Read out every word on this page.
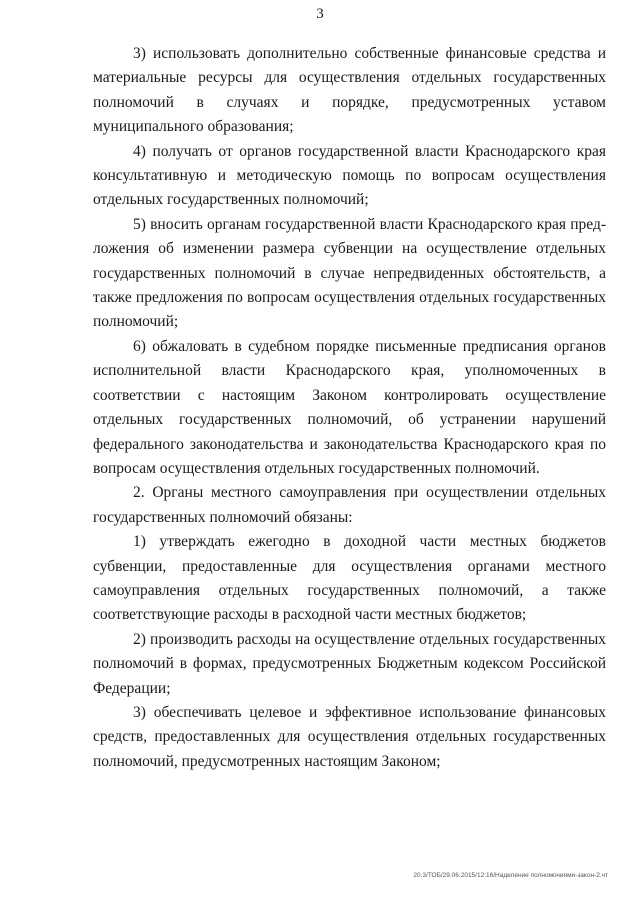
3

3) использовать дополнительно собственные финансовые средства и материальные ресурсы для осуществления отдельных государственных полномочий в случаях и порядке, предусмотренных уставом муниципального образования;

4) получать от органов государственной власти Краснодарского края консультативную и методическую помощь по вопросам осуществления отдельных государственных полномочий;

5) вносить органам государственной власти Краснодарского края предложения об изменении размера субвенции на осуществление отдельных государственных полномочий в случае непредвиденных обстоятельств, а также предложения по вопросам осуществления отдельных государственных полномочий;

6) обжаловать в судебном порядке письменные предписания органов исполнительной власти Краснодарского края, уполномоченных в соответствии с настоящим Законом контролировать осуществление отдельных государственных полномочий, об устранении нарушений федерального законодательства и законодательства Краснодарского края по вопросам осуществления отдельных государственных полномочий.

2. Органы местного самоуправления при осуществлении отдельных государственных полномочий обязаны:

1) утверждать ежегодно в доходной части местных бюджетов субвенции, предоставленные для осуществления органами местного самоуправления отдельных государственных полномочий, а также соответствующие расходы в расходной части местных бюджетов;

2) производить расходы на осуществление отдельных государственных полномочий в формах, предусмотренных Бюджетным кодексом Российской Федерации;

3) обеспечивать целевое и эффективное использование финансовых средств, предоставленных для осуществления отдельных государственных полномочий, предусмотренных настоящим Законом;

20.3/ТОБ/29.06.2015/12:16/Наделение полномочиями-закон-2.чт
